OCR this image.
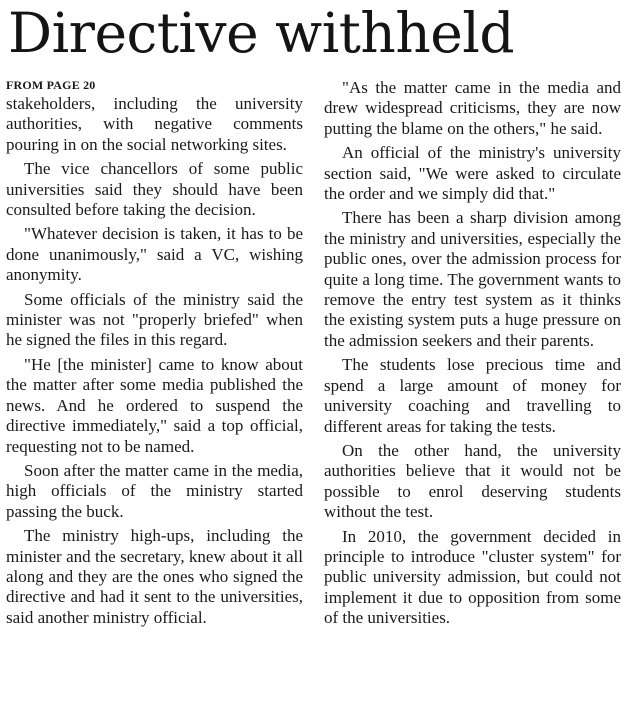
Directive withheld
FROM PAGE 20

stakeholders, including the university authorities, with negative comments pouring in on the social networking sites.

The vice chancellors of some public universities said they should have been consulted before taking the decision.

"Whatever decision is taken, it has to be done unanimously," said a VC, wishing anonymity.

Some officials of the ministry said the minister was not "properly briefed" when he signed the files in this regard.

"He [the minister] came to know about the matter after some media published the news. And he ordered to suspend the directive immediately," said a top official, requesting not to be named.

Soon after the matter came in the media, high officials of the ministry started passing the buck.

The ministry high-ups, including the minister and the secretary, knew about it all along and they are the ones who signed the directive and had it sent to the universities, said another ministry official.

"As the matter came in the media and drew widespread criticisms, they are now putting the blame on the others," he said.

An official of the ministry's university section said, "We were asked to circulate the order and we simply did that."

There has been a sharp division among the ministry and universities, especially the public ones, over the admission process for quite a long time. The government wants to remove the entry test system as it thinks the existing system puts a huge pressure on the admission seekers and their parents.

The students lose precious time and spend a large amount of money for university coaching and travelling to different areas for taking the tests.

On the other hand, the university authorities believe that it would not be possible to enrol deserving students without the test.

In 2010, the government decided in principle to introduce "cluster system" for public university admission, but could not implement it due to opposition from some of the universities.
